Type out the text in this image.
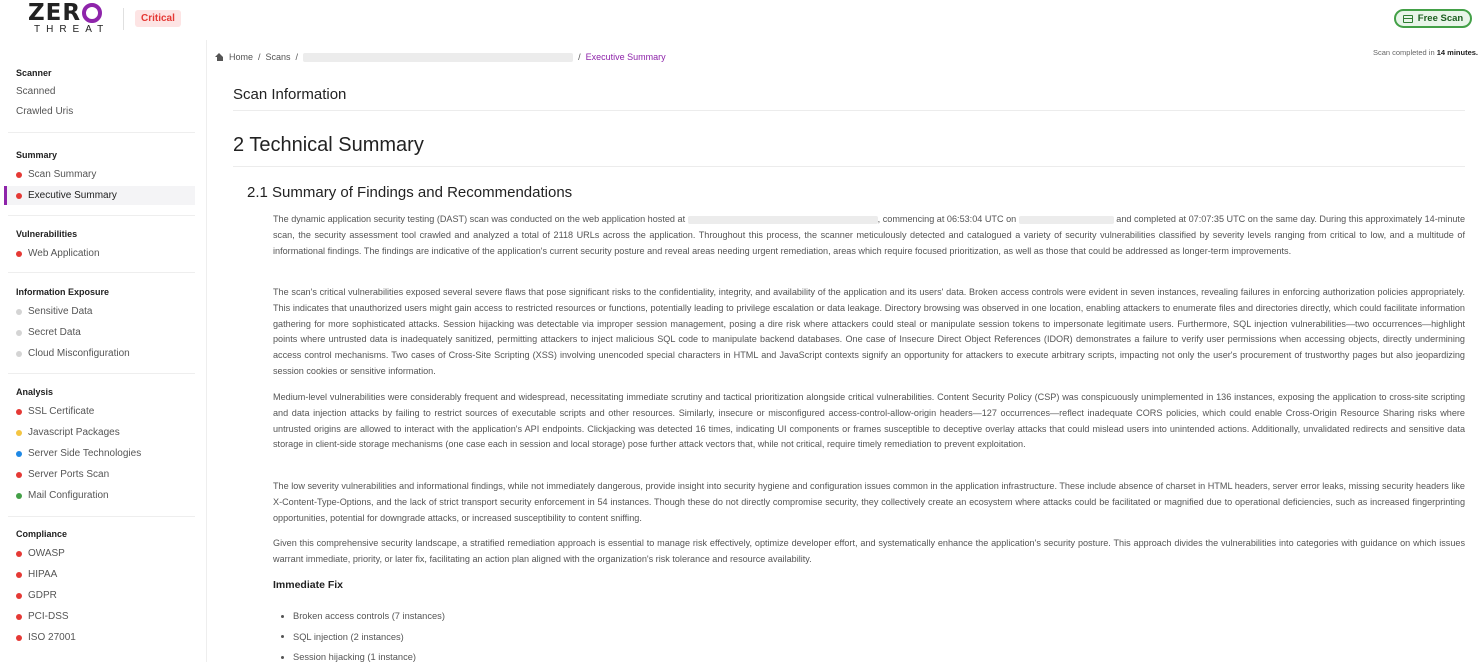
ZER
THREAT
Critical	Free Scan
Scanner
Scanned
Crawled Uris
Summary
Scan Summary
Executive Summary
Vulnerabilities
Web Application
Information Exposure
Sensitive Data
Secret Data
Cloud Misconfiguration
Analysis
SSL Certificate
Javascript Packages
Server Side Technologies
Server Ports Scan
Mail Configuration
Compliance
OWASP
HIPAA
GDPR
PCI-DSS
ISO 27001
Home / Scans /	/ Executive Summary	Scan completed in 14 minutes.
Scan Information
2 Technical Summary
2.1 Summary of Findings and Recommendations

The dynamic application security testing (DAST) scan was conducted on the web application hosted at	, commencing at 06:53:04 UTC on	and completed at 07:07:35 UTC on the same day. During this approximately 14-minute scan, the security assessment tool crawled and analyzed a total of 2118 URLs across the application. Throughout this process, the scanner meticulously detected and catalogued a variety of security vulnerabilities classified by severity levels ranging from critical to low, and a multitude of informational findings. The findings are indicative of the application's current security posture and reveal areas needing urgent remediation, areas which require focused prioritization, as well as those that could be addressed as longer-term improvements.

The scan's critical vulnerabilities exposed several severe flaws that pose significant risks to the confidentiality, integrity, and availability of the application and its users' data. Broken access controls were evident in seven instances, revealing failures in enforcing authorization policies appropriately. This indicates that unauthorized users might gain access to restricted resources or functions, potentially leading to privilege escalation or data leakage. Directory browsing was observed in one location, enabling attackers to enumerate files and directories directly, which could facilitate information gathering for more sophisticated attacks. Session hijacking was detectable via improper session management, posing a dire risk where attackers could steal or manipulate session tokens to impersonate legitimate users. Furthermore, SQL injection vulnerabilities—two occurrences—highlight points where untrusted data is inadequately sanitized, permitting attackers to inject malicious SQL code to manipulate backend databases. One case of Insecure Direct Object References (IDOR) demonstrates a failure to verify user permissions when accessing objects, directly undermining access control mechanisms. Two cases of Cross-Site Scripting (XSS) involving unencoded special characters in HTML and JavaScript contexts signify an opportunity for attackers to execute arbitrary scripts, impacting not only the user's procurement of trustworthy pages but also jeopardizing session cookies or sensitive information.

Medium-level vulnerabilities were considerably frequent and widespread, necessitating immediate scrutiny and tactical prioritization alongside critical vulnerabilities. Content Security Policy (CSP) was conspicuously unimplemented in 136 instances, exposing the application to cross-site scripting and data injection attacks by failing to restrict sources of executable scripts and other resources. Similarly, insecure or misconfigured access-control-allow-origin headers—127 occurrences—reflect inadequate CORS policies, which could enable Cross-Origin Resource Sharing risks where untrusted origins are allowed to interact with the application's API endpoints. Clickjacking was detected 16 times, indicating UI components or frames susceptible to deceptive overlay attacks that could mislead users into unintended actions. Additionally, unvalidated redirects and sensitive data storage in client-side storage mechanisms (one case each in session and local storage) pose further attack vectors that, while not critical, require timely remediation to prevent exploitation.

The low severity vulnerabilities and informational findings, while not immediately dangerous, provide insight into security hygiene and configuration issues common in the application infrastructure. These include absence of charset in HTML headers, server error leaks, missing security headers like X-Content-Type-Options, and the lack of strict transport security enforcement in 54 instances. Though these do not directly compromise security, they collectively create an ecosystem where attacks could be facilitated or magnified due to operational deficiencies, such as increased fingerprinting opportunities, potential for downgrade attacks, or increased susceptibility to content sniffing.

Given this comprehensive security landscape, a stratified remediation approach is essential to manage risk effectively, optimize developer effort, and systematically enhance the application's security posture. This approach divides the vulnerabilities into categories with guidance on which issues warrant immediate, priority, or later fix, facilitating an action plan aligned with the organization's risk tolerance and resource availability.

Immediate Fix
Broken access controls (7 instances)
SQL injection (2 instances)
Session hijacking (1 instance)
